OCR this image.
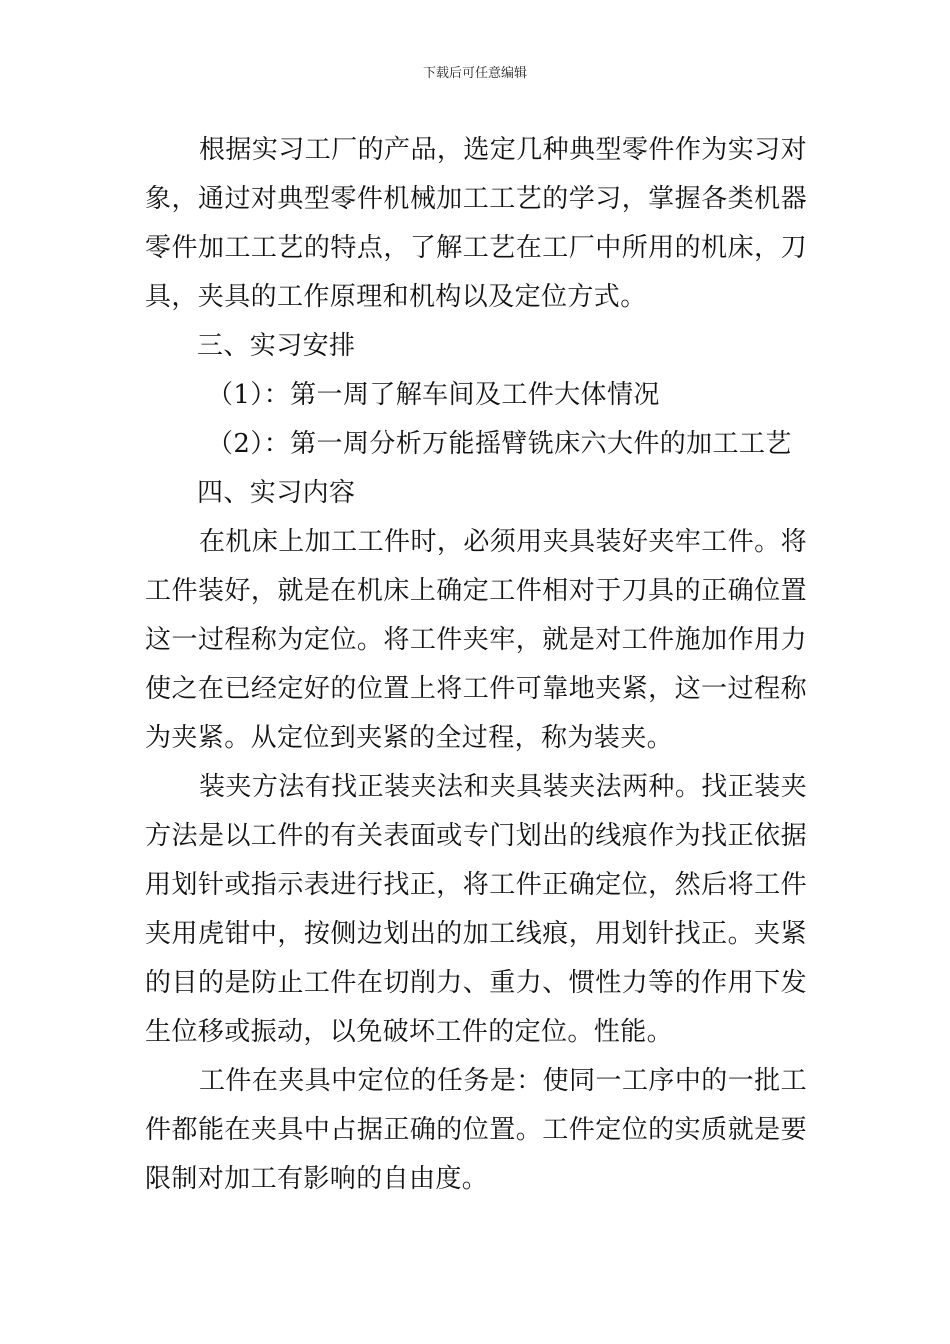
下载后可任意编辑

根据实习工厂的产品，选定几种典型零件作为实习对象，通过对典型零件机械加工工艺的学习，掌握各类机器零件加工工艺的特点，了解工艺在工厂中所用的机床，刀具，夹具的工作原理和机构以及定位方式。

三、实习安排

（1）：第一周了解车间及工件大体情况

（2）：第一周分析万能摇臂铣床六大件的加工工艺

四、实习内容

在机床上加工工件时，必须用夹具装好夹牢工件。将工件装好，就是在机床上确定工件相对于刀具的正确位置这一过程称为定位。将工件夹牢，就是对工件施加作用力使之在已经定好的位置上将工件可靠地夹紧，这一过程称为夹紧。从定位到夹紧的全过程，称为装夹。

装夹方法有找正装夹法和夹具装夹法两种。找正装夹方法是以工件的有关表面或专门划出的线痕作为找正依据用划针或指示表进行找正，将工件正确定位，然后将工件夹用虎钳中，按侧边划出的加工线痕，用划针找正。夹紧的目的是防止工件在切削力、重力、惯性力等的作用下发生位移或振动，以免破坏工件的定位。性能。

工件在夹具中定位的任务是：使同一工序中的一批工件都能在夹具中占据正确的位置。工件定位的实质就是要限制对加工有影响的自由度。
